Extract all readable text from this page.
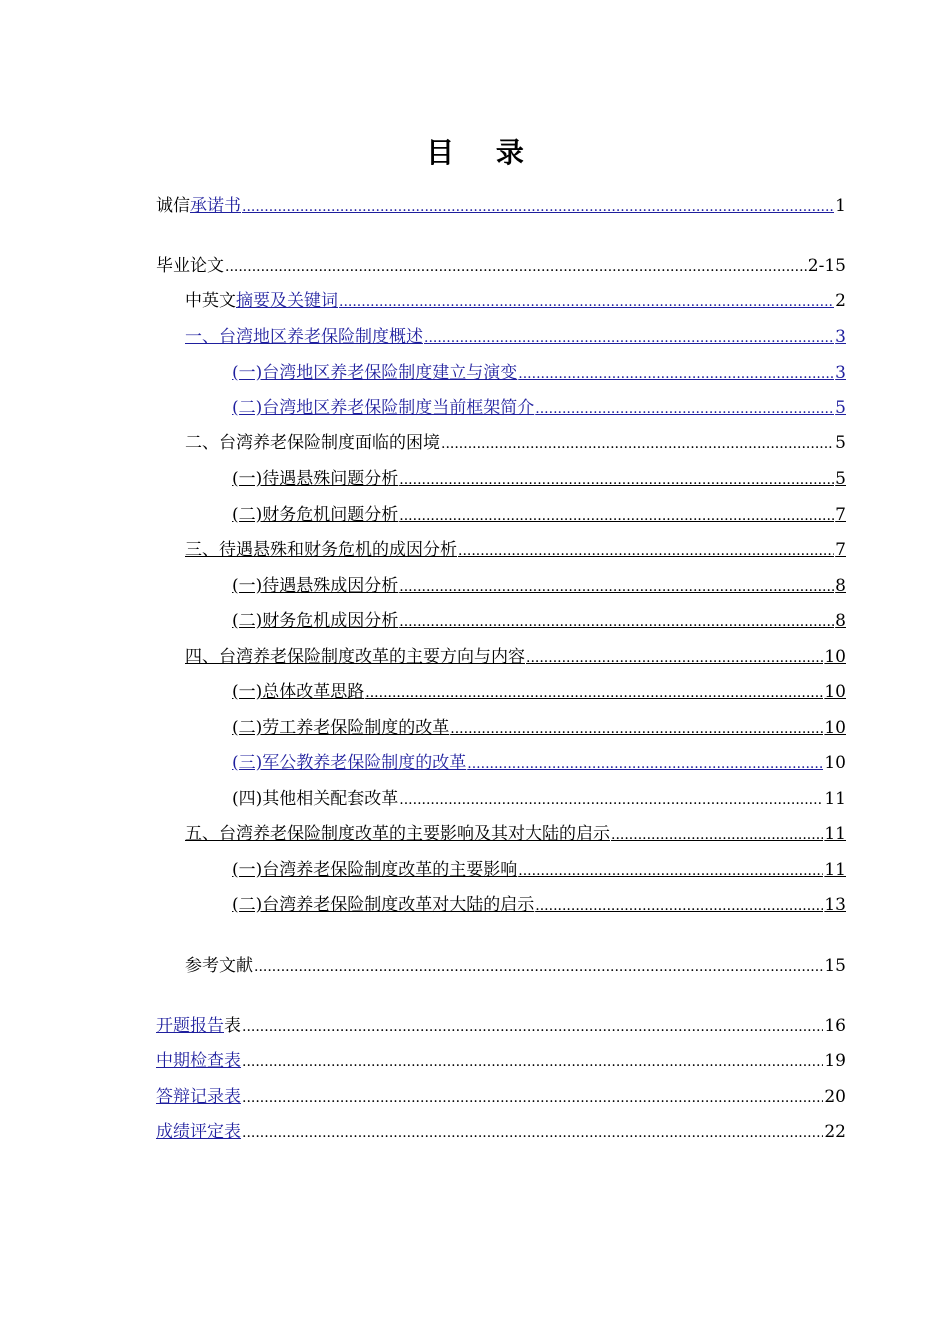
目 录
诚信 承诺书 .....	1
毕业论文 .....	2-15
中英文 摘要及关键词 .....	2
一、台湾地区养老保险制度概述 .....	3
(一)台湾地区养老保险制度建立与演变 .....	3
(二)台湾地区养老保险制度当前框架简介 .....	5
二、台湾养老保险制度面临的困境 .....	5
(一)待遇悬殊问题分析 .....	5
(二)财务危机问题分析 .....	7
三、待遇悬殊和财务危机的成因分析 .....	7
(一)待遇悬殊成因分析 .....	8
(二)财务危机成因分析 .....	8
四、台湾养老保险制度改革的主要方向与内容 .....	10
(一)总体改革思路 .....	10
(二)劳工养老保险制度的改革 .....	10
(三)军公教养老保险制度的改革 .....	10
(四)其他相关配套改革 .....	11
五、台湾养老保险制度改革的主要影响及其对大陆的启示 .....	11
(一)台湾养老保险制度改革的主要影响 .....	11
(二)台湾养老保险制度改革对大陆的启示 .....	13
参考文献 .....	15
开题报告 表 .....	16
中期检查表 .....	19
答辩记录表 .....	20
成绩评定表 .....	22
